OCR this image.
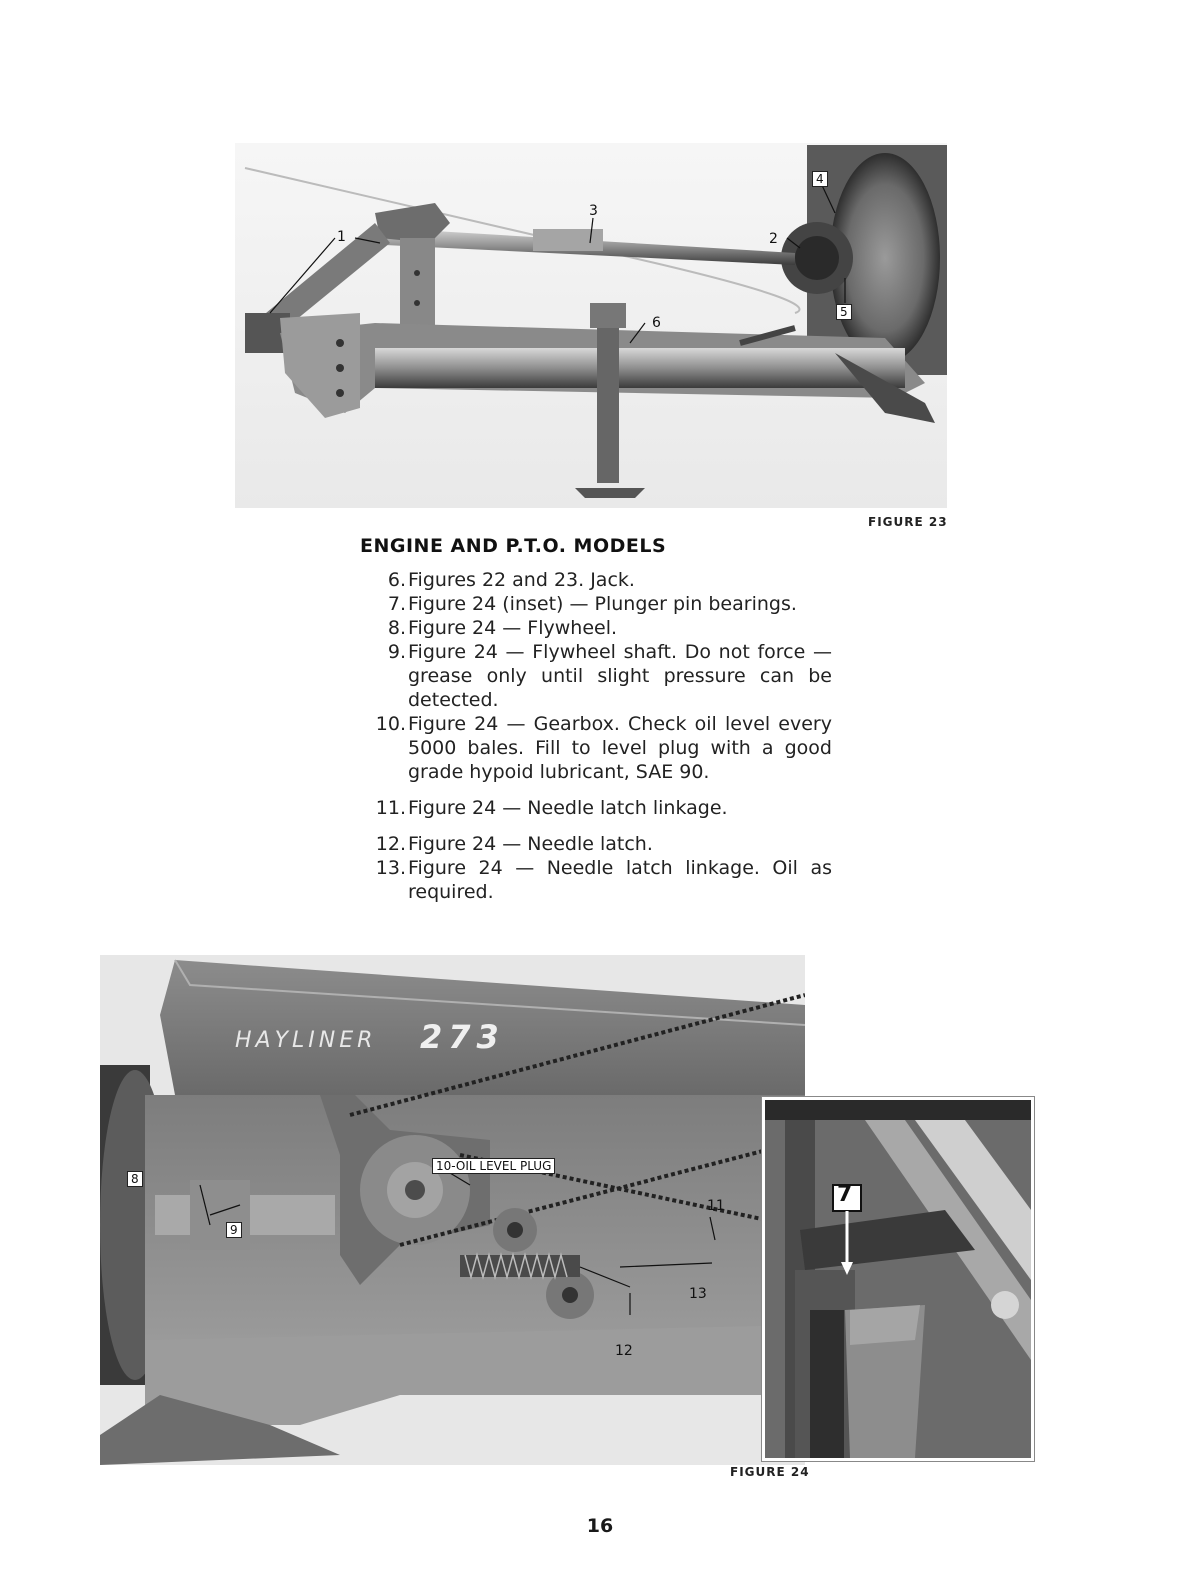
1	2
3
4
5
6
FIGURE 23
ENGINE AND P.T.O. MODELS
6. Figures 22 and 23. Jack.
7. Figure 24 (inset) — Plunger pin bearings.
8. Figure 24 — Flywheel.
9. Figure 24 — Flywheel shaft. Do not force — grease only until slight pressure can be detected.
10. Figure 24 — Gearbox. Check oil level every 5000 bales. Fill to level plug with a good grade hypoid lubricant, SAE 90.
11. Figure 24 — Needle latch linkage.
12. Figure 24 — Needle latch.
13. Figure 24 — Needle latch linkage. Oil as required.
HAYLINER 273
10-OIL LEVEL PLUG
8
9
11
12
13
7
FIGURE 24
16
